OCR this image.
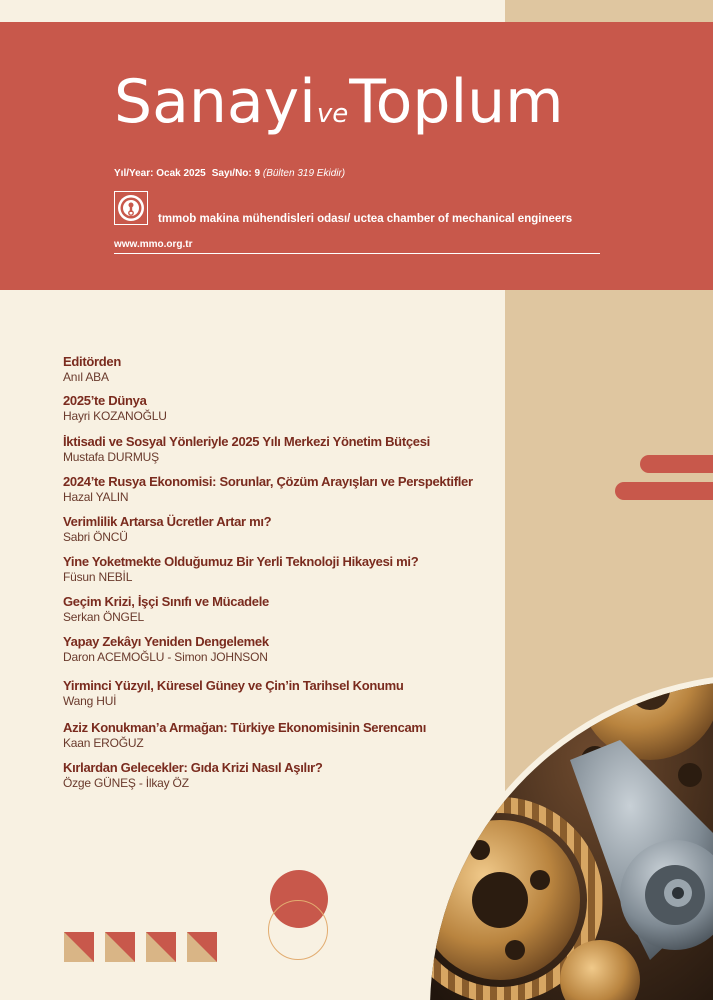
SanayiveToplum
Yıl/Year: Ocak 2025 Sayı/No: 9 (Bülten 319 Ekidir)
tmmob makina mühendisleri odası/ uctea chamber of mechanical engineers
www.mmo.org.tr
Editörden
Anıl ABA
2025’te Dünya
Hayri KOZANOĞLU
İktisadi ve Sosyal Yönleriyle 2025 Yılı Merkezi Yönetim Bütçesi
Mustafa DURMUŞ
2024’te Rusya Ekonomisi: Sorunlar, Çözüm Arayışları ve Perspektifler
Hazal YALIN
Verimlilik Artarsa Ücretler Artar mı?
Sabri ÖNCÜ
Yine Yoketmekte Olduğumuz Bir Yerli Teknoloji Hikayesi mi?
Füsun NEBİL
Geçim Krizi, İşçi Sınıfı ve Mücadele
Serkan ÖNGEL
Yapay Zekâyı Yeniden Dengelemek
Daron ACEMOĞLU - Simon JOHNSON
Yirminci Yüzyıl, Küresel Güney ve Çin’in Tarihsel Konumu
Wang HUİ
Aziz Konukman’a Armağan: Türkiye Ekonomisinin Serencamı
Kaan EROĞUZ
Kırlardan Gelecekler: Gıda Krizi Nasıl Aşılır?
Özge GÜNEŞ - İlkay ÖZ
